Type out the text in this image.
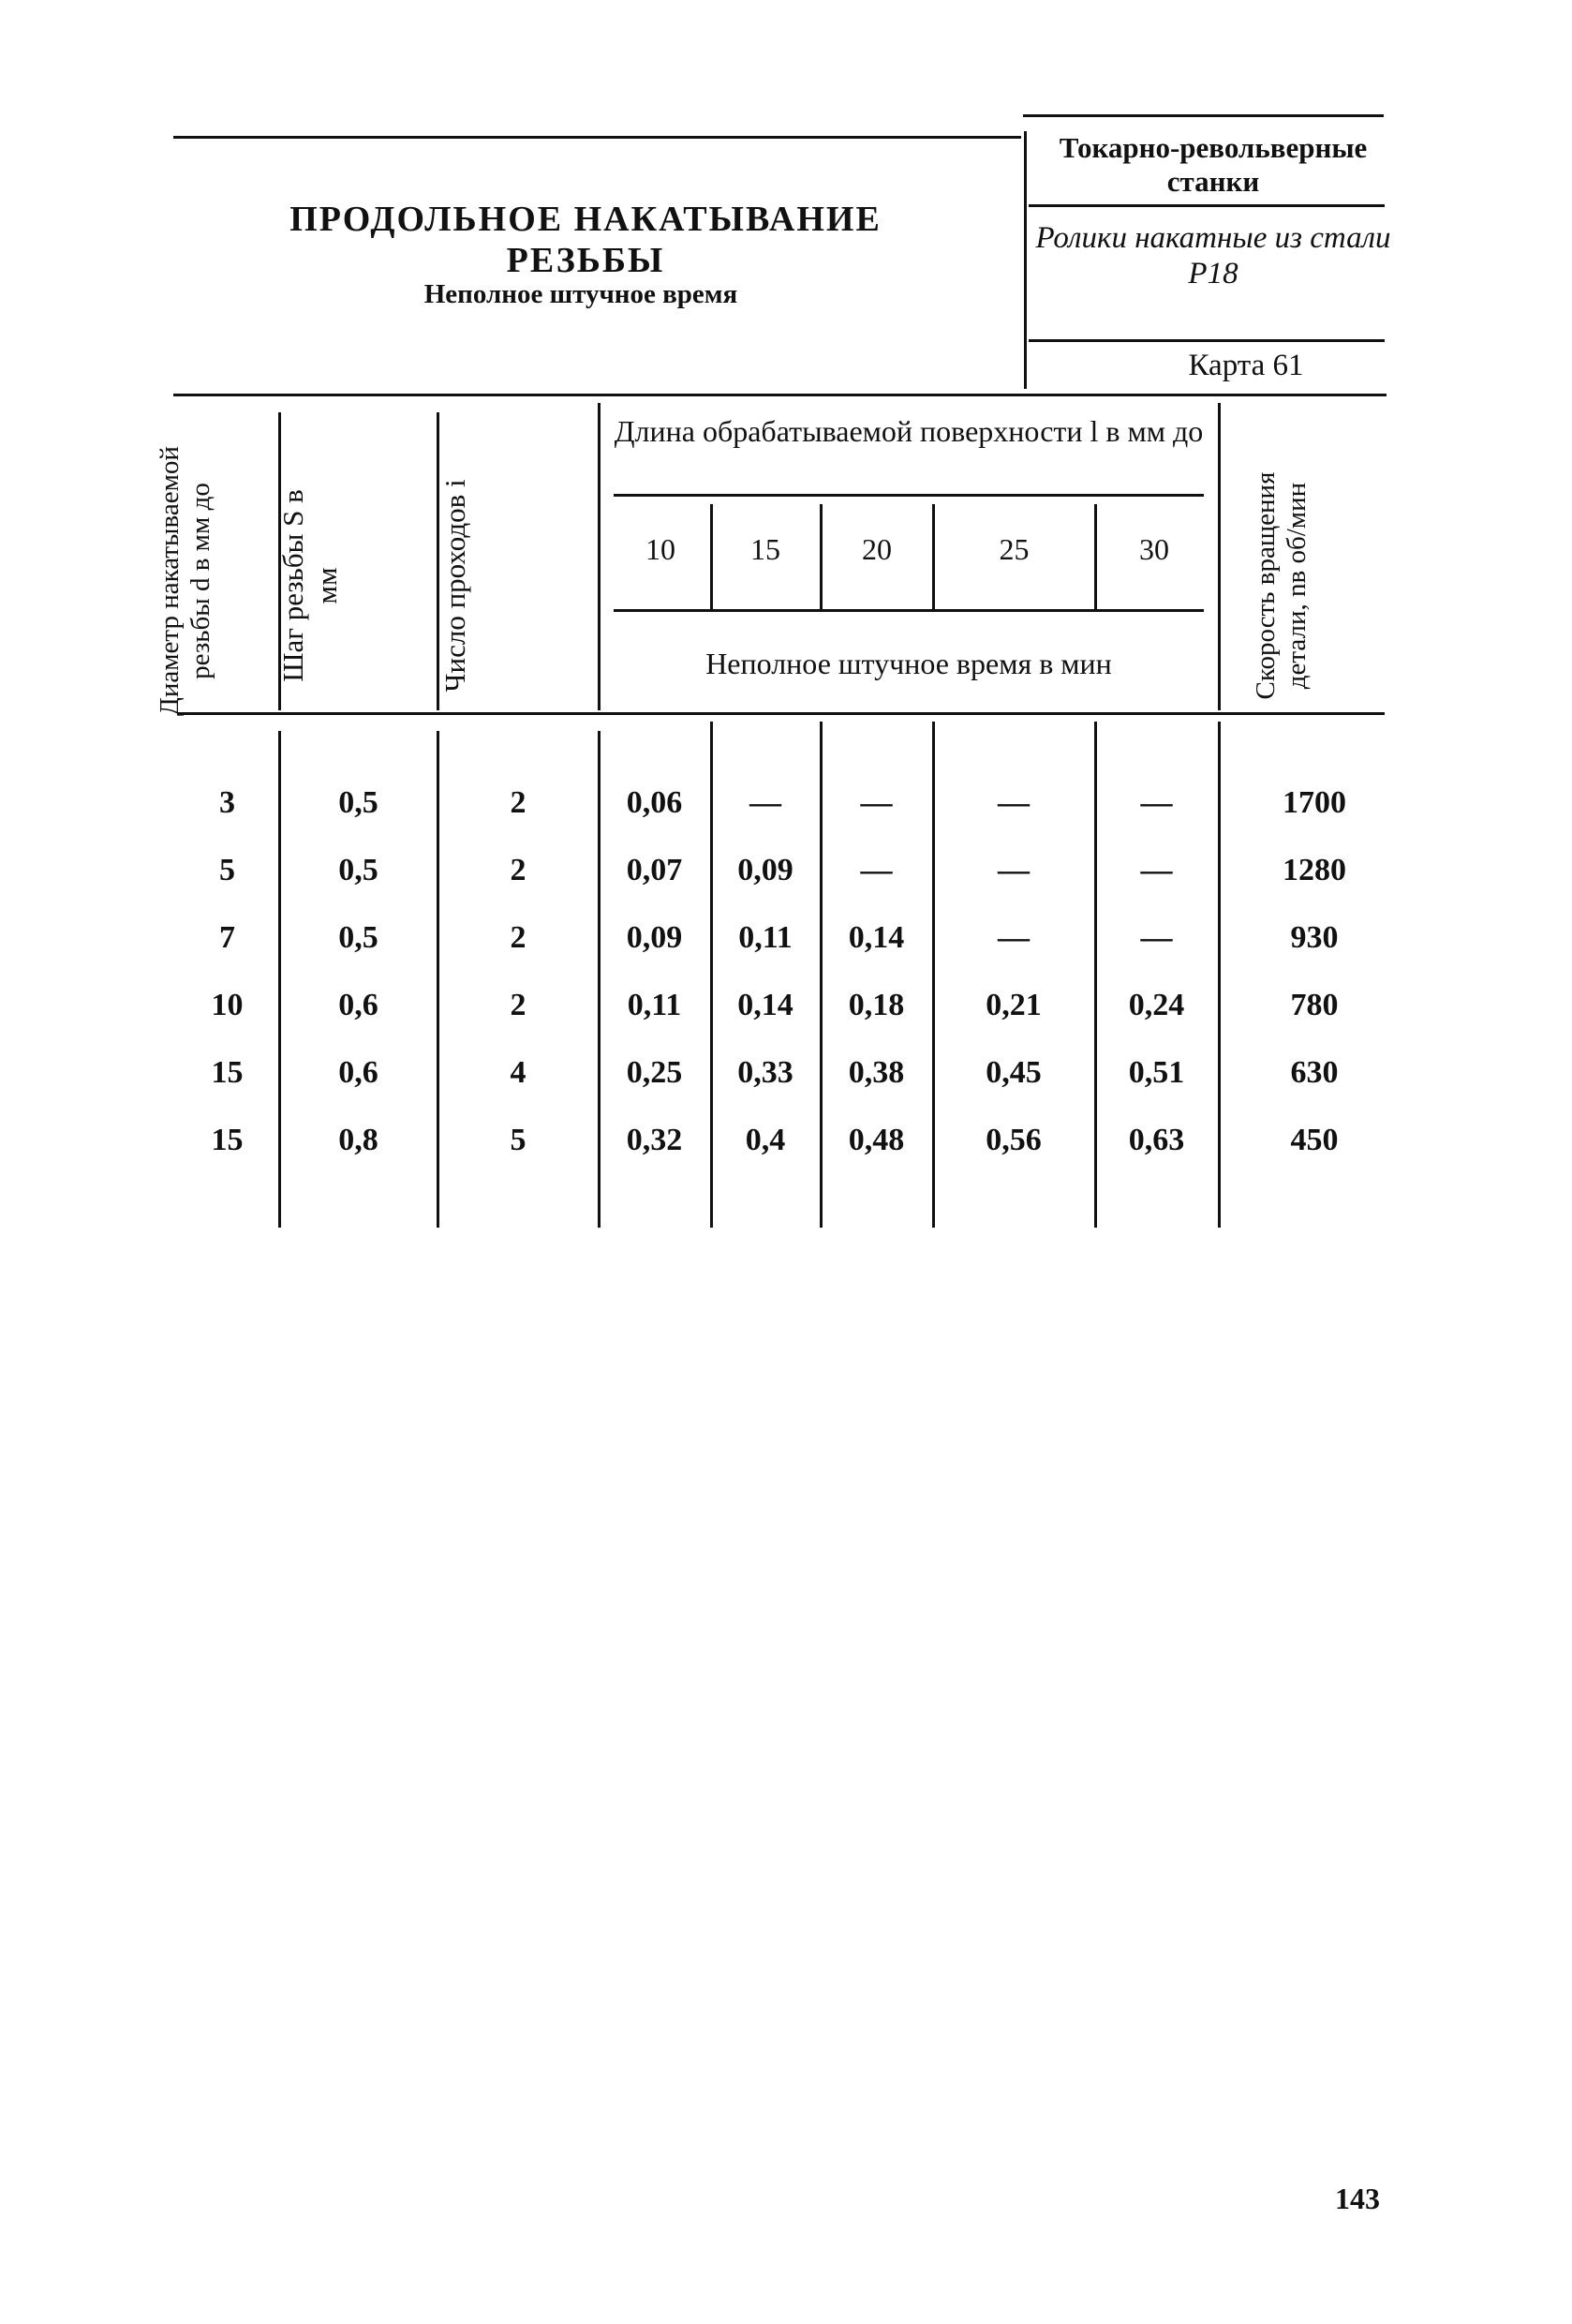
ПРОДОЛЬНОЕ НАКАТЫВАНИЕ РЕЗЬБЫ
Неполное штучное время
Токарно-револьверные станки
Ролики накатные из стали Р18
Карта 61
Диаметр накатываемой резьбы d в мм до	Шаг резьбы S в мм	Число проходов i	Скорость вращения детали, nв об/мин
Длина обрабатываемой поверхности l в мм до
10	15	20	25	30
Неполное штучное время в мин
3	0,5	2	0,06	—	—	—	—	1700
5	0,5	2	0,07	0,09	—	—	—	1280
7	0,5	2	0,09	0,11	0,14	—	—	930
10	0,6	2	0,11	0,14	0,18	0,21	0,24	780
15	0,6	4	0,25	0,33	0,38	0,45	0,51	630
15	0,8	5	0,32	0,4	0,48	0,56	0,63	450
143
